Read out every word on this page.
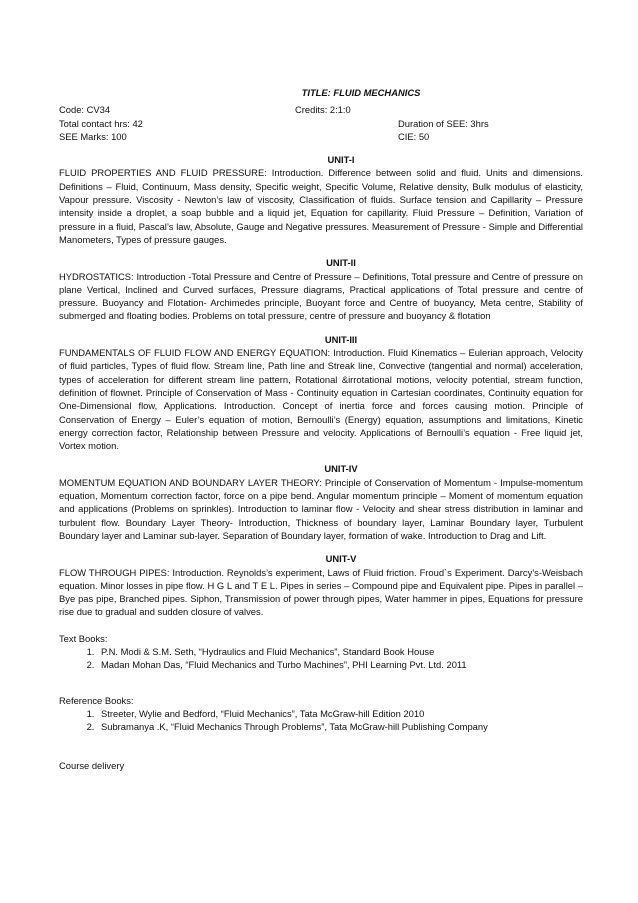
TITLE: FLUID MECHANICS
Code: CV34	Credits: 2:1:0
Total contact hrs: 42	Duration of SEE: 3hrs
SEE Marks: 100	CIE: 50
UNIT-I
FLUID PROPERTIES AND FLUID PRESSURE: Introduction. Difference between solid and fluid. Units and dimensions. Definitions – Fluid, Continuum, Mass density, Specific weight, Specific Volume, Relative density, Bulk modulus of elasticity, Vapour pressure. Viscosity - Newton’s law of viscosity, Classification of fluids. Surface tension and Capillarity – Pressure intensity inside a droplet, a soap bubble and a liquid jet, Equation for capillarity. Fluid Pressure – Definition, Variation of pressure in a fluid, Pascal’s law, Absolute, Gauge and Negative pressures. Measurement of Pressure - Simple and Differential Manometers, Types of pressure gauges.
UNIT-II
HYDROSTATICS: Introduction -Total Pressure and Centre of Pressure – Definitions, Total pressure and Centre of pressure on plane Vertical, Inclined and Curved surfaces, Pressure diagrams, Practical applications of Total pressure and centre of pressure. Buoyancy and Flotation- Archimedes principle, Buoyant force and Centre of buoyancy, Meta centre, Stability of submerged and floating bodies. Problems on total pressure, centre of pressure and buoyancy & flotation
UNIT-III
FUNDAMENTALS OF FLUID FLOW AND ENERGY EQUATION: Introduction. Fluid Kinematics – Eulerian approach, Velocity of fluid particles, Types of fluid flow. Stream line, Path line and Streak line, Convective (tangential and normal) acceleration, types of acceleration for different stream line pattern, Rotational &irrotational motions, velocity potential, stream function, definition of flownet. Principle of Conservation of Mass - Continuity equation in Cartesian coordinates, Continuity equation for One-Dimensional flow, Applications. Introduction. Concept of inertia force and forces causing motion. Principle of Conservation of Energy – Euler’s equation of motion, Bernoulli’s (Energy) equation, assumptions and limitations, Kinetic energy correction factor, Relationship between Pressure and velocity. Applications of Bernoulli’s equation - Free liquid jet, Vortex motion.
UNIT-IV
MOMENTUM EQUATION AND BOUNDARY LAYER THEORY: Principle of Conservation of Momentum - Impulse-momentum equation, Momentum correction factor, force on a pipe bend. Angular momentum principle – Moment of momentum equation and applications (Problems on sprinkles). Introduction to laminar flow - Velocity and shear stress distribution in laminar and turbulent flow. Boundary Layer Theory- Introduction, Thickness of boundary layer, Laminar Boundary layer, Turbulent Boundary layer and Laminar sub-layer. Separation of Boundary layer, formation of wake. Introduction to Drag and Lift.
UNIT-V
FLOW THROUGH PIPES: Introduction. Reynolds’s experiment, Laws of Fluid friction. Froud`s Experiment. Darcy’s-Weisbach equation. Minor losses in pipe flow. H G L and T E L. Pipes in series – Compound pipe and Equivalent pipe. Pipes in parallel – Bye pas pipe, Branched pipes. Siphon, Transmission of power through pipes, Water hammer in pipes, Equations for pressure rise due to gradual and sudden closure of valves.
Text Books:
1. P.N. Modi & S.M. Seth, “Hydraulics and Fluid Mechanics”, Standard Book House
2. Madan Mohan Das, “Fluid Mechanics and Turbo Machines”, PHI Learning Pvt. Ltd. 2011
Reference Books:
1. Streeter, Wylie and Bedford, “Fluid Mechanics”, Tata McGraw-hill Edition 2010
2. Subramanya .K, “Fluid Mechanics Through Problems”, Tata McGraw-hill Publishing Company
Course delivery
